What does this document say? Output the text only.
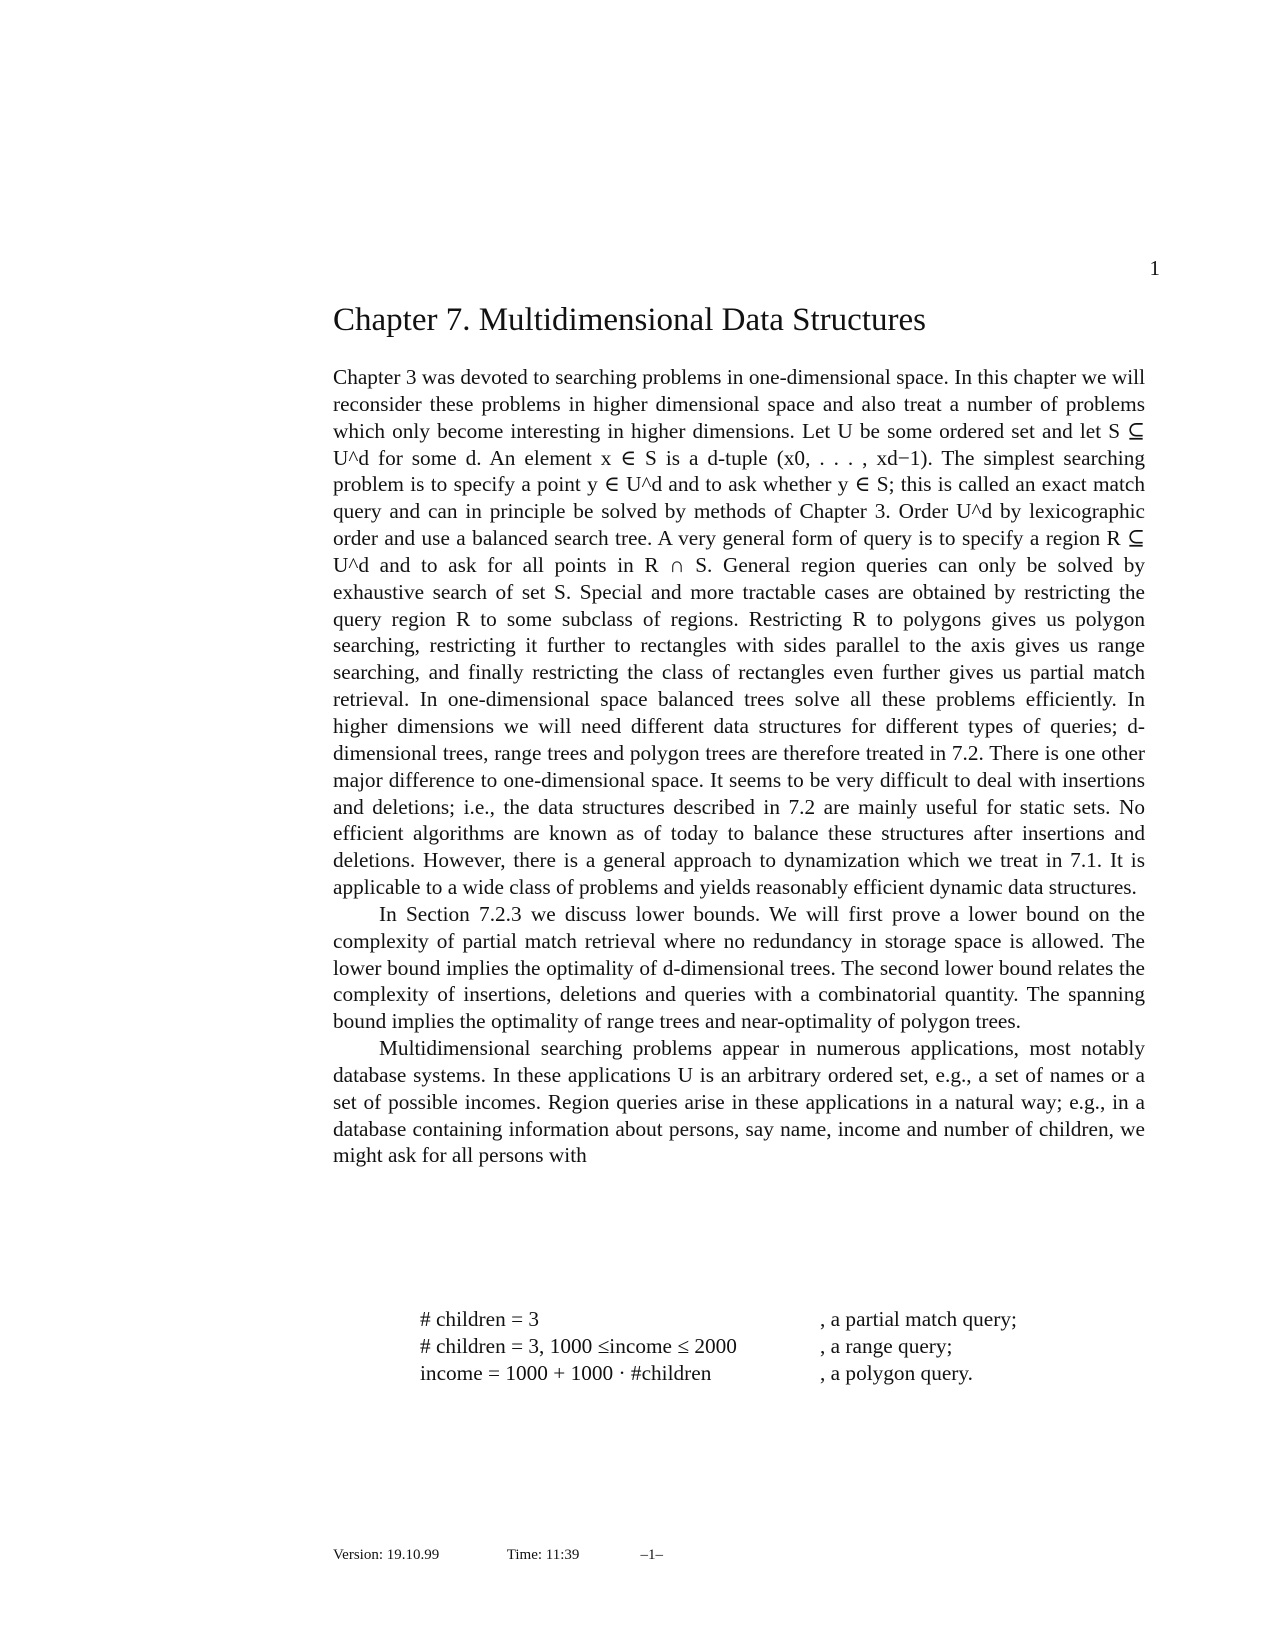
1
Chapter 7. Multidimensional Data Structures

Chapter 3 was devoted to searching problems in one-dimensional space. In this chapter we will reconsider these problems in higher dimensional space and also treat a number of problems which only become interesting in higher dimensions. Let U be some ordered set and let S ⊆ U^d for some d. An element x ∈ S is a d-tuple (x0, . . . , xd−1). The simplest searching problem is to specify a point y ∈ U^d and to ask whether y ∈ S; this is called an exact match query and can in principle be solved by methods of Chapter 3. Order U^d by lexicographic order and use a balanced search tree. A very general form of query is to specify a region R ⊆ U^d and to ask for all points in R ∩ S. General region queries can only be solved by exhaustive search of set S. Special and more tractable cases are obtained by restricting the query region R to some subclass of regions. Restricting R to polygons gives us polygon searching, restricting it further to rectangles with sides parallel to the axis gives us range searching, and finally restricting the class of rectangles even further gives us partial match retrieval. In one-dimensional space balanced trees solve all these problems efficiently. In higher dimensions we will need different data structures for different types of queries; d-dimensional trees, range trees and polygon trees are therefore treated in 7.2. There is one other major difference to one-dimensional space. It seems to be very difficult to deal with insertions and deletions; i.e., the data structures described in 7.2 are mainly useful for static sets. No efficient algorithms are known as of today to balance these structures after insertions and deletions. However, there is a general approach to dynamization which we treat in 7.1. It is applicable to a wide class of problems and yields reasonably efficient dynamic data structures.

In Section 7.2.3 we discuss lower bounds. We will first prove a lower bound on the complexity of partial match retrieval where no redundancy in storage space is allowed. The lower bound implies the optimality of d-dimensional trees. The second lower bound relates the complexity of insertions, deletions and queries with a combinatorial quantity. The spanning bound implies the optimality of range trees and near-optimality of polygon trees.

Multidimensional searching problems appear in numerous applications, most notably database systems. In these applications U is an arbitrary ordered set, e.g., a set of names or a set of possible incomes. Region queries arise in these applications in a natural way; e.g., in a database containing information about persons, say name, income and number of children, we might ask for all persons with

# children = 3	, a partial match query;
# children = 3, 1000 ≤income ≤ 2000	, a range query;
income = 1000 + 1000 · #children	, a polygon query.
Version: 19.10.99	Time: 11:39	–1–
